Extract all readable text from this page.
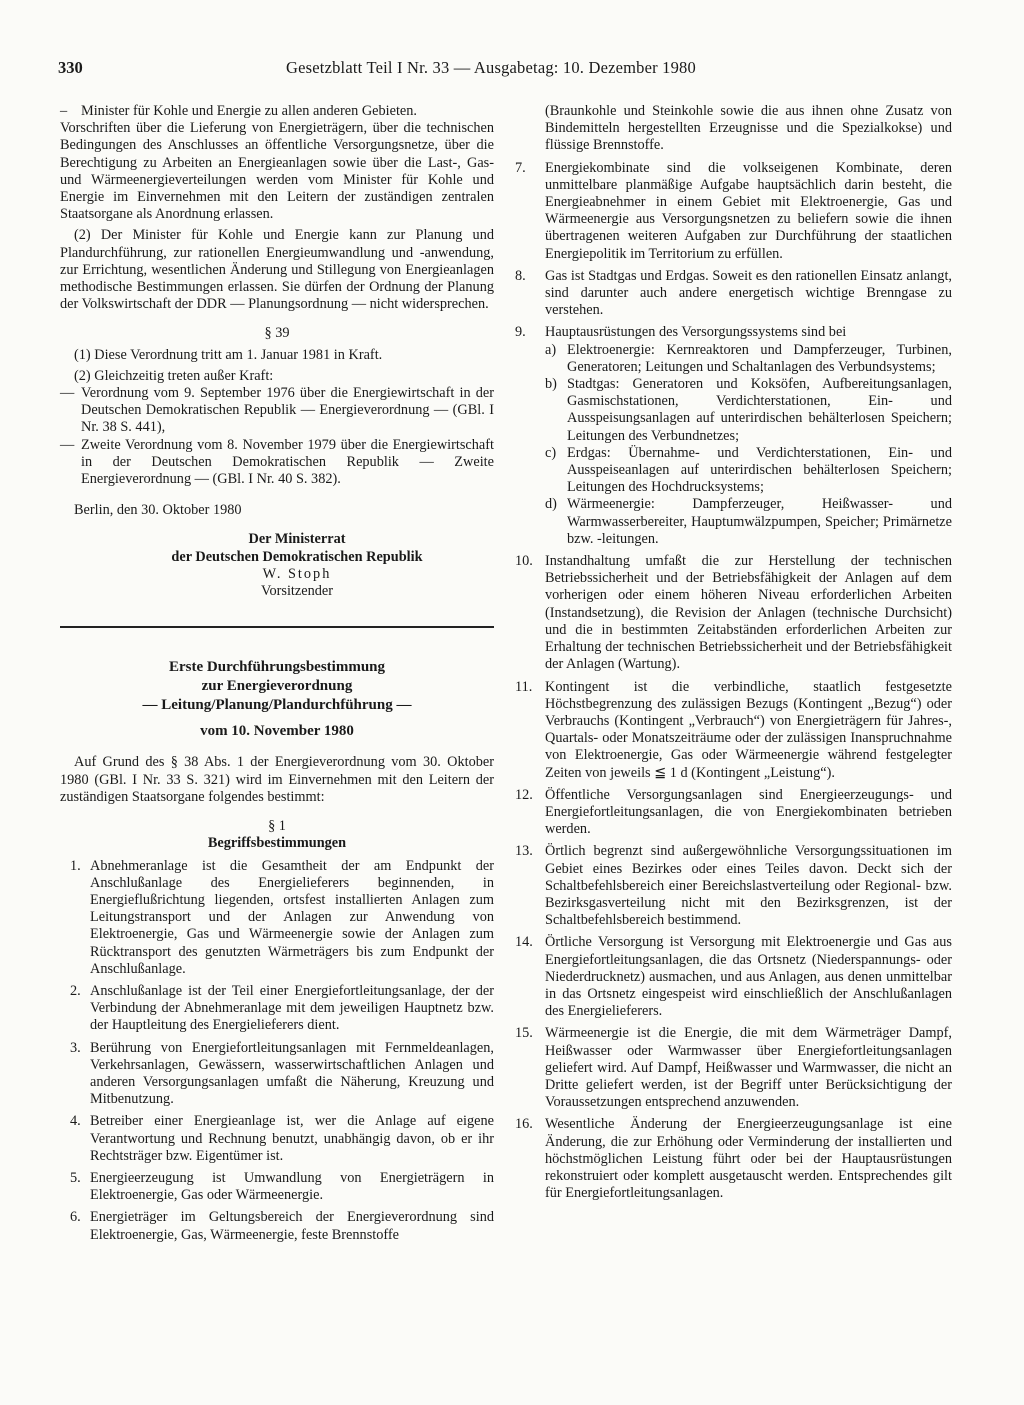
330	Gesetzblatt Teil I Nr. 33 — Ausgabetag: 10. Dezember 1980
– Minister für Kohle und Energie zu allen anderen Gebieten.

Vorschriften über die Lieferung von Energieträgern, über die technischen Bedingungen des Anschlusses an öffentliche Versorgungsnetze, über die Berechtigung zu Arbeiten an Energieanlagen sowie über die Last-, Gas- und Wärmeenergieverteilungen werden vom Minister für Kohle und Energie im Einvernehmen mit den Leitern der zuständigen zentralen Staatsorgane als Anordnung erlassen.

(2) Der Minister für Kohle und Energie kann zur Planung und Plandurchführung, zur rationellen Energieumwandlung und -anwendung, zur Errichtung, wesentlichen Änderung und Stillegung von Energieanlagen methodische Bestimmungen erlassen. Sie dürfen der Ordnung der Planung der Volkswirtschaft der DDR — Planungsordnung — nicht widersprechen.

§ 39

(1) Diese Verordnung tritt am 1. Januar 1981 in Kraft.

(2) Gleichzeitig treten außer Kraft:

— Verordnung vom 9. September 1976 über die Energiewirtschaft in der Deutschen Demokratischen Republik — Energieverordnung — (GBl. I Nr. 38 S. 441),
— Zweite Verordnung vom 8. November 1979 über die Energiewirtschaft in der Deutschen Demokratischen Republik — Zweite Energieverordnung — (GBl. I Nr. 40 S. 382).

Berlin, den 30. Oktober 1980

Der Ministerrat
der Deutschen Demokratischen Republik
W. Stoph
Vorsitzender
Erste Durchführungsbestimmung
zur Energieverordnung
— Leitung/Planung/Plandurchführung —
vom 10. November 1980

Auf Grund des § 38 Abs. 1 der Energieverordnung vom 30. Oktober 1980 (GBl. I Nr. 33 S. 321) wird im Einvernehmen mit den Leitern der zuständigen Staatsorgane folgendes bestimmt:

§ 1

Begriffsbestimmungen

1. Abnehmeranlage ist die Gesamtheit der am Endpunkt der Anschlußanlage des Energielieferers beginnenden, in Energieflußrichtung liegenden, ortsfest installierten Anlagen zum Leitungstransport und der Anlagen zur Anwendung von Elektroenergie, Gas und Wärmeenergie sowie der Anlagen zum Rücktransport des genutzten Wärmeträgers bis zum Endpunkt der Anschlußanlage.
2. Anschlußanlage ist der Teil einer Energiefortleitungsanlage, der der Verbindung der Abnehmeranlage mit dem jeweiligen Hauptnetz bzw. der Hauptleitung des Energielieferers dient.
3. Berührung von Energiefortleitungsanlagen mit Fernmeldeanlagen, Verkehrsanlagen, Gewässern, wasserwirtschaftlichen Anlagen und anderen Versorgungsanlagen umfaßt die Näherung, Kreuzung und Mitbenutzung.
4. Betreiber einer Energieanlage ist, wer die Anlage auf eigene Verantwortung und Rechnung benutzt, unabhängig davon, ob er ihr Rechtsträger bzw. Eigentümer ist.
5. Energieerzeugung ist Umwandlung von Energieträgern in Elektroenergie, Gas oder Wärmeenergie.
6. Energieträger im Geltungsbereich der Energieverordnung sind Elektroenergie, Gas, Wärmeenergie, feste Brennstoffe
(Braunkohle und Steinkohle sowie die aus ihnen ohne Zusatz von Bindemitteln hergestellten Erzeugnisse und die Spezialkokse) und flüssige Brennstoffe.
7. Energiekombinate sind die volkseigenen Kombinate, deren unmittelbare planmäßige Aufgabe hauptsächlich darin besteht, die Energieabnehmer in einem Gebiet mit Elektroenergie, Gas und Wärmeenergie aus Versorgungsnetzen zu beliefern sowie die ihnen übertragenen weiteren Aufgaben zur Durchführung der staatlichen Energiepolitik im Territorium zu erfüllen.
8. Gas ist Stadtgas und Erdgas. Soweit es den rationellen Einsatz anlangt, sind darunter auch andere energetisch wichtige Brenngase zu verstehen.
9. Hauptausrüstungen des Versorgungssystems sind bei
a) Elektroenergie: Kernreaktoren und Dampferzeuger, Turbinen, Generatoren; Leitungen und Schaltanlagen des Verbundsystems;
b) Stadtgas: Generatoren und Koksöfen, Aufbereitungsanlagen, Gasmischstationen, Verdichterstationen, Ein- und Ausspeisungsanlagen auf unterirdischen behälterlosen Speichern; Leitungen des Verbundnetzes;
c) Erdgas: Übernahme- und Verdichterstationen, Ein- und Ausspeiseanlagen auf unterirdischen behälterlosen Speichern; Leitungen des Hochdrucksystems;
d) Wärmeenergie: Dampferzeuger, Heißwasser- und Warmwasserbereiter, Hauptumwälzpumpen, Speicher; Primärnetze bzw. -leitungen.
10. Instandhaltung umfaßt die zur Herstellung der technischen Betriebssicherheit und der Betriebsfähigkeit der Anlagen auf dem vorherigen oder einem höheren Niveau erforderlichen Arbeiten (Instandsetzung), die Revision der Anlagen (technische Durchsicht) und die in bestimmten Zeitabständen erforderlichen Arbeiten zur Erhaltung der technischen Betriebssicherheit und der Betriebsfähigkeit der Anlagen (Wartung).
11. Kontingent ist die verbindliche, staatlich festgesetzte Höchstbegrenzung des zulässigen Bezugs (Kontingent „Bezug“) oder Verbrauchs (Kontingent „Verbrauch“) von Energieträgern für Jahres-, Quartals- oder Monatszeiträume oder der zulässigen Inanspruchnahme von Elektroenergie, Gas oder Wärmeenergie während festgelegter Zeiten von jeweils ≦ 1 d (Kontingent „Leistung“).
12. Öffentliche Versorgungsanlagen sind Energieerzeugungs- und Energiefortleitungsanlagen, die von Energiekombinaten betrieben werden.
13. Örtlich begrenzt sind außergewöhnliche Versorgungssituationen im Gebiet eines Bezirkes oder eines Teiles davon. Deckt sich der Schaltbefehlsbereich einer Bereichslastverteilung oder Regional- bzw. Bezirksgasverteilung nicht mit den Bezirksgrenzen, ist der Schaltbefehlsbereich bestimmend.
14. Örtliche Versorgung ist Versorgung mit Elektroenergie und Gas aus Energiefortleitungsanlagen, die das Ortsnetz (Niederspannungs- oder Niederdrucknetz) ausmachen, und aus Anlagen, aus denen unmittelbar in das Ortsnetz eingespeist wird einschließlich der Anschlußanlagen des Energielieferers.
15. Wärmeenergie ist die Energie, die mit dem Wärmeträger Dampf, Heißwasser oder Warmwasser über Energiefortleitungsanlagen geliefert wird. Auf Dampf, Heißwasser und Warmwasser, die nicht an Dritte geliefert werden, ist der Begriff unter Berücksichtigung der Voraussetzungen entsprechend anzuwenden.
16. Wesentliche Änderung der Energieerzeugungsanlage ist eine Änderung, die zur Erhöhung oder Verminderung der installierten und höchstmöglichen Leistung führt oder bei der Hauptausrüstungen rekonstruiert oder komplett ausgetauscht werden. Entsprechendes gilt für Energiefortleitungsanlagen.
